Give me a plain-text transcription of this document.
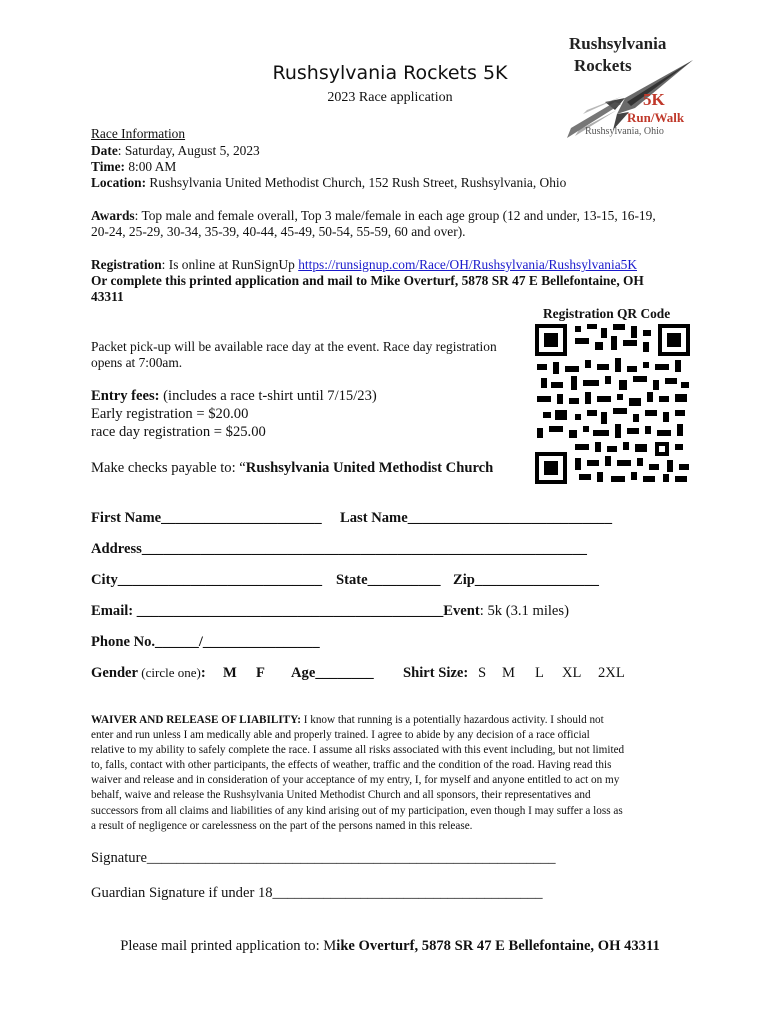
Rushsylvania Rockets 5K
2023 Race application
Rushsylvania
Rockets
5K
Run/Walk
Rushsylvania, Ohio
Race Information
Date: Saturday, August 5, 2023
Time: 8:00 AM
Location: Rushsylvania United Methodist Church, 152 Rush Street, Rushsylvania, Ohio
Awards: Top male and female overall, Top 3 male/female in each age group (12 and under, 13-15, 16-19,
20-24, 25-29, 30-34, 35-39, 40-44, 45-49, 50-54, 55-59, 60 and over).
Registration: Is online at RunSignUp https://runsignup.com/Race/OH/Rushsylvania/Rushsylvania5K
Or complete this printed application and mail to Mike Overturf, 5878 SR 47 E Bellefontaine, OH
43311
Registration QR Code
Packet pick-up will be available race day at the event. Race day registration
opens at 7:00am.
Entry fees: (includes a race t-shirt until 7/15/23)
Early registration = $20.00
race day registration = $25.00
Make checks payable to: “Rushsylvania United Methodist Church
First Name______________________ Last Name____________________________
Address_____________________________________________________________
City____________________________ State__________ Zip_________________
Email: __________________________________________Event: 5k (3.1 miles)
Phone No.______/________________
Gender (circle one): M F Age________ Shirt Size: S M L XL 2XL
WAIVER AND RELEASE OF LIABILITY: I know that running is a potentially hazardous activity. I should not
enter and run unless I am medically able and properly trained. I agree to abide by any decision of a race official
relative to my ability to safely complete the race. I assume all risks associated with this event including, but not limited
to, falls, contact with other participants, the effects of weather, traffic and the condition of the road. Having read this
waiver and release and in consideration of your acceptance of my entry, I, for myself and anyone entitled to act on my
behalf, waive and release the Rushsylvania United Methodist Church and all sponsors, their representatives and
successors from all claims and liabilities of any kind arising out of my participation, even though I may suffer a loss as
a result of negligence or carelessness on the part of the persons named in this release.
Signature________________________________________________________
Guardian Signature if under 18_____________________________________
Please mail printed application to: Mike Overturf, 5878 SR 47 E Bellefontaine, OH 43311
